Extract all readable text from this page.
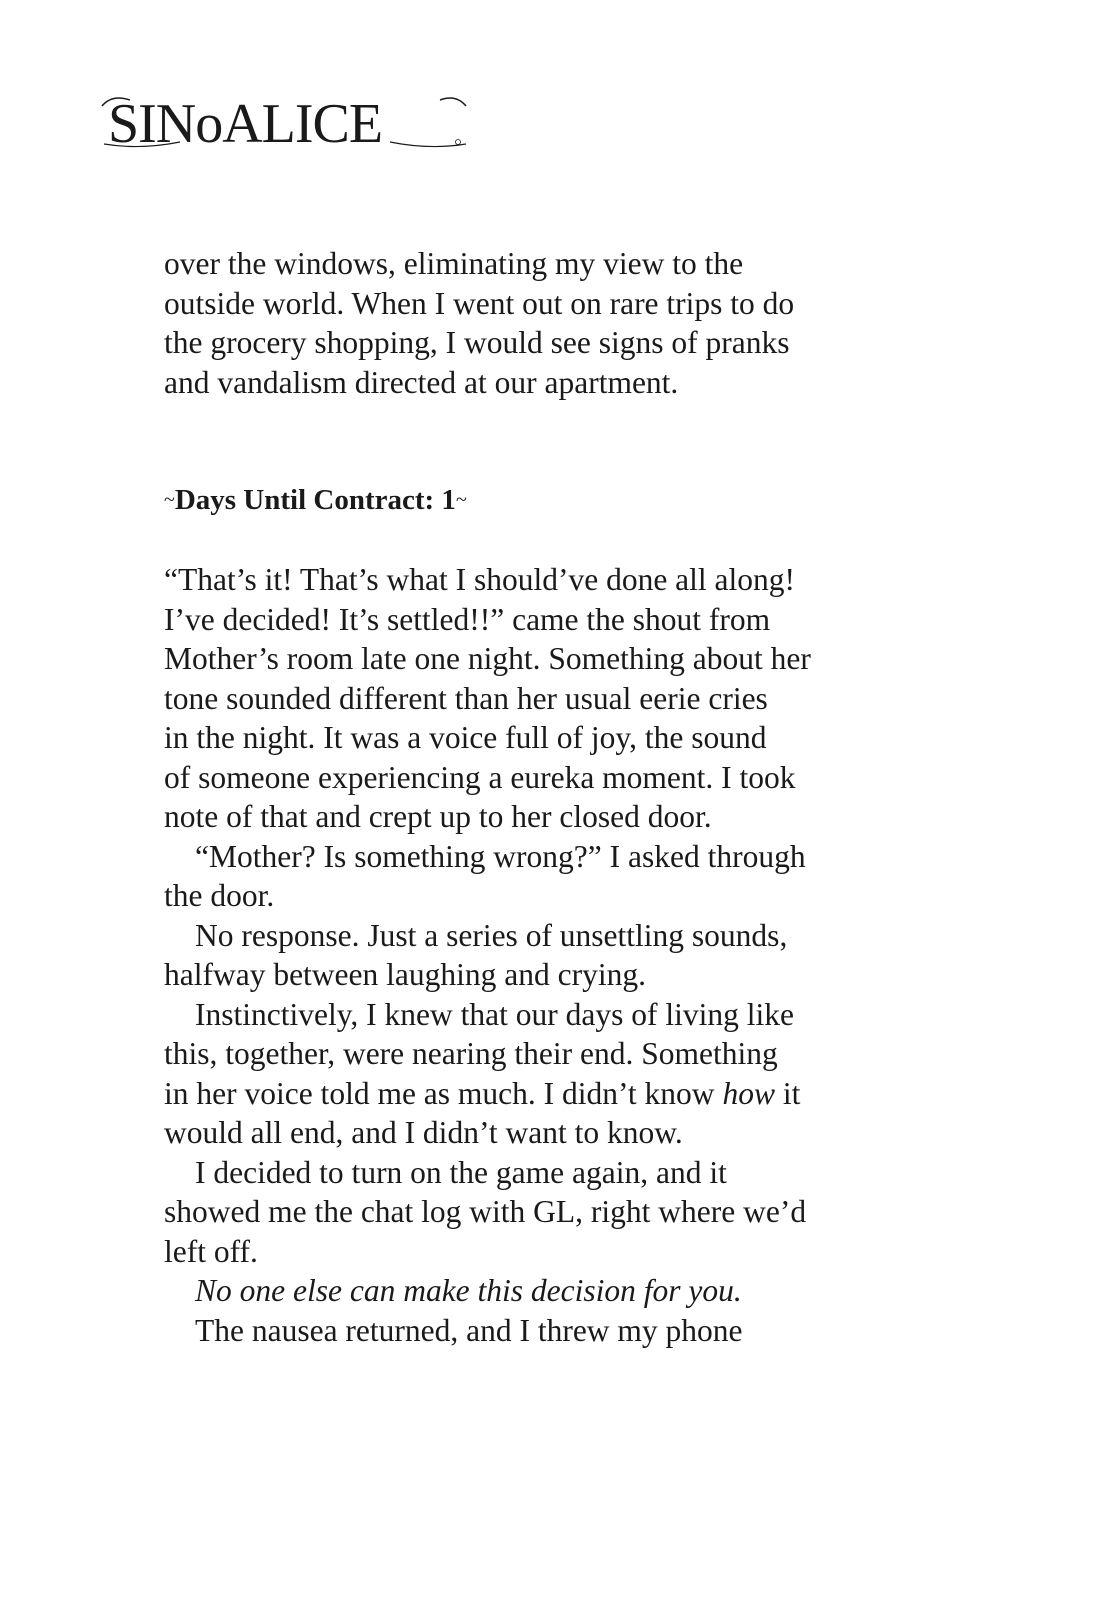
SINoALICE
over the windows, eliminating my view to the
outside world. When I went out on rare trips to do
the grocery shopping, I would see signs of pranks
and vandalism directed at our apartment.
~Days Until Contract: 1~
“That’s it! That’s what I should’ve done all along!
I’ve decided! It’s settled!!” came the shout from
Mother’s room late one night. Something about her
tone sounded different than her usual eerie cries
in the night. It was a voice full of joy, the sound
of someone experiencing a eureka moment. I took
note of that and crept up to her closed door.
“Mother? Is something wrong?” I asked through
the door.
No response. Just a series of unsettling sounds,
halfway between laughing and crying.
Instinctively, I knew that our days of living like
this, together, were nearing their end. Something
in her voice told me as much. I didn’t know how it
would all end, and I didn’t want to know.
I decided to turn on the game again, and it
showed me the chat log with GL, right where we’d
left off.
No one else can make this decision for you.
The nausea returned, and I threw my phone
